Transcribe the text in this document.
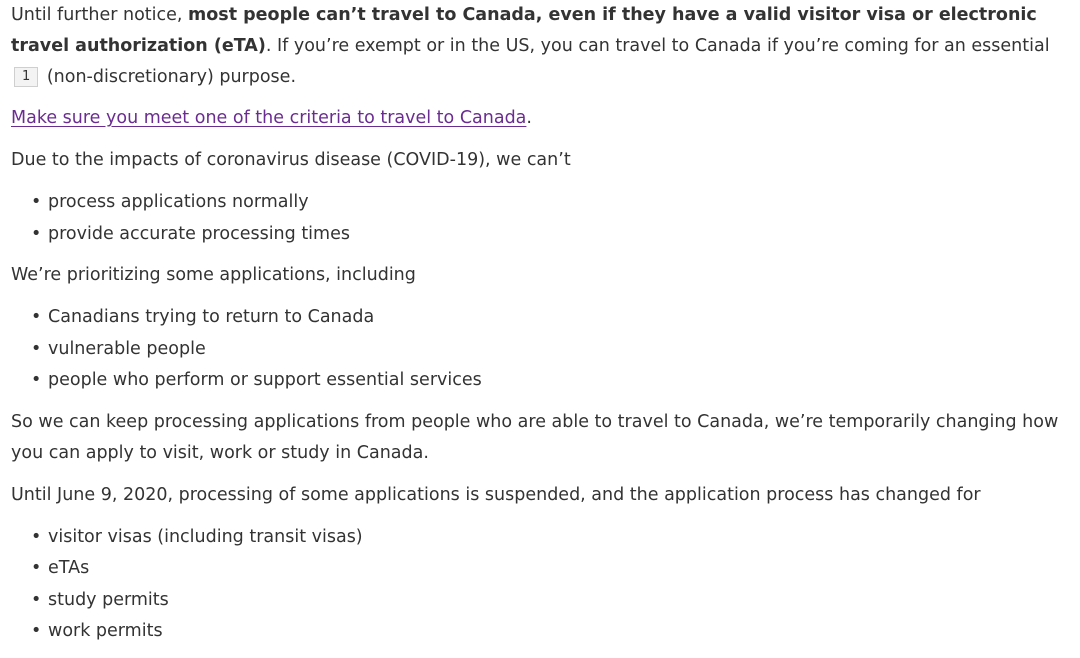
Until further notice, most people can’t travel to Canada, even if they have a valid visitor visa or electronic travel authorization (eTA). If you’re exempt or in the US, you can travel to Canada if you’re coming for an essential 1 (non-discretionary) purpose.

Make sure you meet one of the criteria to travel to Canada.

Due to the impacts of coronavirus disease (COVID-19), we can’t

• process applications normally
• provide accurate processing times

We’re prioritizing some applications, including

• Canadians trying to return to Canada
• vulnerable people
• people who perform or support essential services

So we can keep processing applications from people who are able to travel to Canada, we’re temporarily changing how you can apply to visit, work or study in Canada.

Until June 9, 2020, processing of some applications is suspended, and the application process has changed for

• visitor visas (including transit visas)
• eTAs
• study permits
• work permits
